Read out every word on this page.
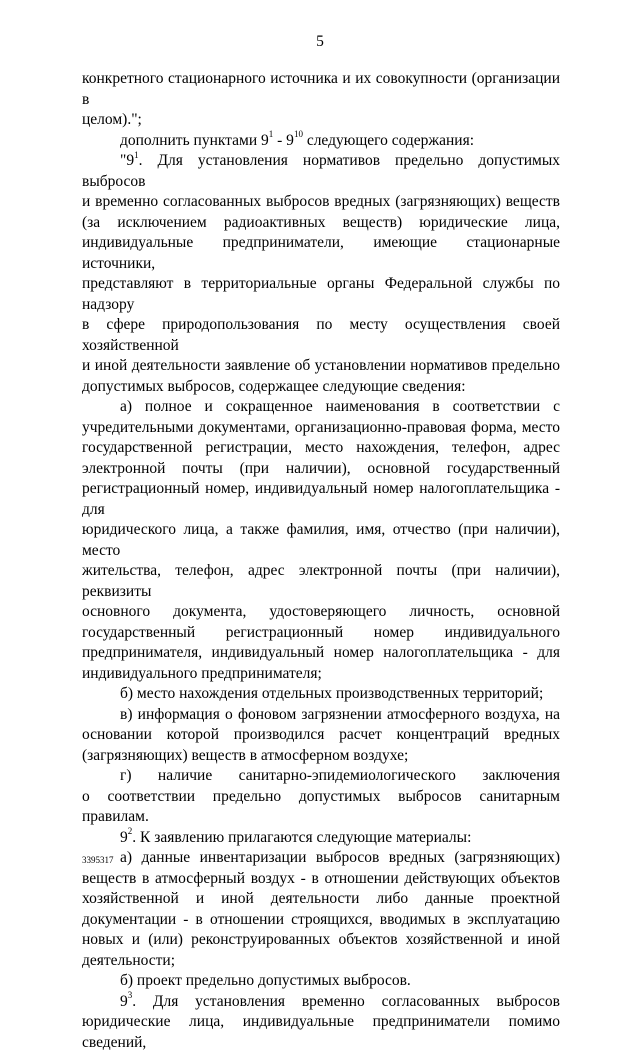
5

конкретного стационарного источника и их совокупности (организации в
целом).";

дополнить пунктами $9^1 - 9^{10}$ следующего содержания:

"$9^1$. Для установления нормативов предельно допустимых выбросов
и временно согласованных выбросов вредных (загрязняющих) веществ
(за исключением радиоактивных веществ) юридические лица,
индивидуальные предприниматели, имеющие стационарные источники,
представляют в территориальные органы Федеральной службы по надзору
в сфере природопользования по месту осуществления своей хозяйственной
и иной деятельности заявление об установлении нормативов предельно
допустимых выбросов, содержащее следующие сведения:

а) полное и сокращенное наименования в соответствии с
учредительными документами, организационно-правовая форма, место
государственной регистрации, место нахождения, телефон, адрес
электронной почты (при наличии), основной государственный
регистрационный номер, индивидуальный номер налогоплательщика - для
юридического лица, а также фамилия, имя, отчество (при наличии), место
жительства, телефон, адрес электронной почты (при наличии), реквизиты
основного документа, удостоверяющего личность, основной
государственный регистрационный номер индивидуального
предпринимателя, индивидуальный номер налогоплательщика - для
индивидуального предпринимателя;

б) место нахождения отдельных производственных территорий;

в) информация о фоновом загрязнении атмосферного воздуха, на
основании которой производился расчет концентраций вредных
(загрязняющих) веществ в атмосферном воздухе;

г) наличие санитарно-эпидемиологического заключения
о соответствии предельно допустимых выбросов санитарным правилам.

$9^2$. К заявлению прилагаются следующие материалы:

а) данные инвентаризации выбросов вредных (загрязняющих)
веществ в атмосферный воздух - в отношении действующих объектов
хозяйственной и иной деятельности либо данные проектной
документации - в отношении строящихся, вводимых в эксплуатацию
новых и (или) реконструированных объектов хозяйственной и иной
деятельности;

б) проект предельно допустимых выбросов.

$9^3$. Для установления временно согласованных выбросов
юридические лица, индивидуальные предприниматели помимо сведений,

3395317
